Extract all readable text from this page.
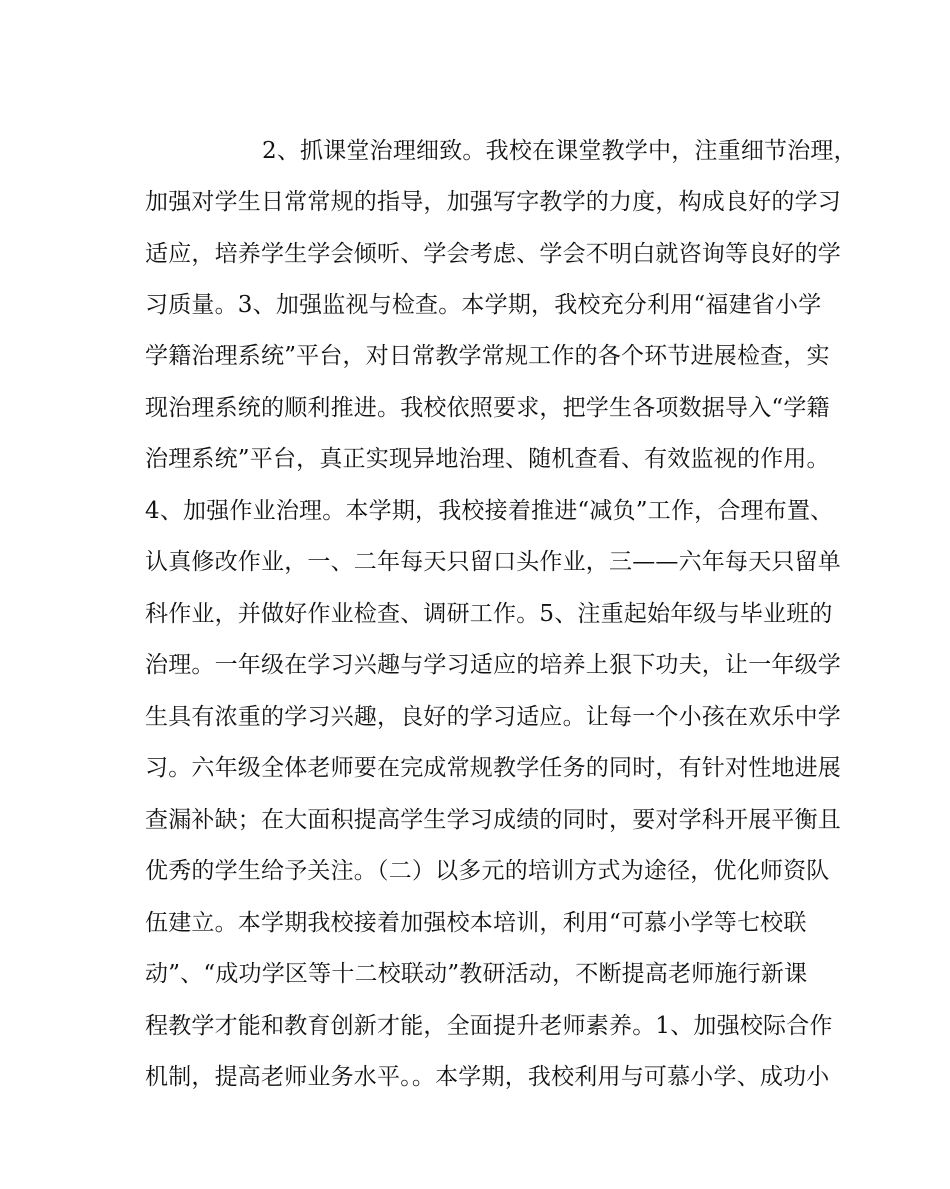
2、抓课堂治理细致。我校在课堂教学中，注重细节治理，
加强对学生日常常规的指导，加强写字教学的力度，构成良好的学习
适应，培养学生学会倾听、学会考虑、学会不明白就咨询等良好的学
习质量。3、加强监视与检查。本学期，我校充分利用“福建省小学
学籍治理系统”平台，对日常教学常规工作的各个环节进展检查，实
现治理系统的顺利推进。我校依照要求，把学生各项数据导入“学籍
治理系统”平台，真正实现异地治理、随机查看、有效监视的作用。
4、加强作业治理。本学期，我校接着推进“减负”工作，合理布置、
认真修改作业，一、二年每天只留口头作业，三——六年每天只留单
科作业，并做好作业检查、调研工作。5、注重起始年级与毕业班的
治理。一年级在学习兴趣与学习适应的培养上狠下功夫，让一年级学
生具有浓重的学习兴趣，良好的学习适应。让每一个小孩在欢乐中学
习。六年级全体老师要在完成常规教学任务的同时，有针对性地进展
查漏补缺；在大面积提高学生学习成绩的同时，要对学科开展平衡且
优秀的学生给予关注。（二）以多元的培训方式为途径，优化师资队
伍建立。本学期我校接着加强校本培训，利用“可慕小学等七校联
动”、“成功学区等十二校联动”教研活动，不断提高老师施行新课
程教学才能和教育创新才能，全面提升老师素养。1、加强校际合作
机制，提高老师业务水平。。本学期，我校利用与可慕小学、成功小
